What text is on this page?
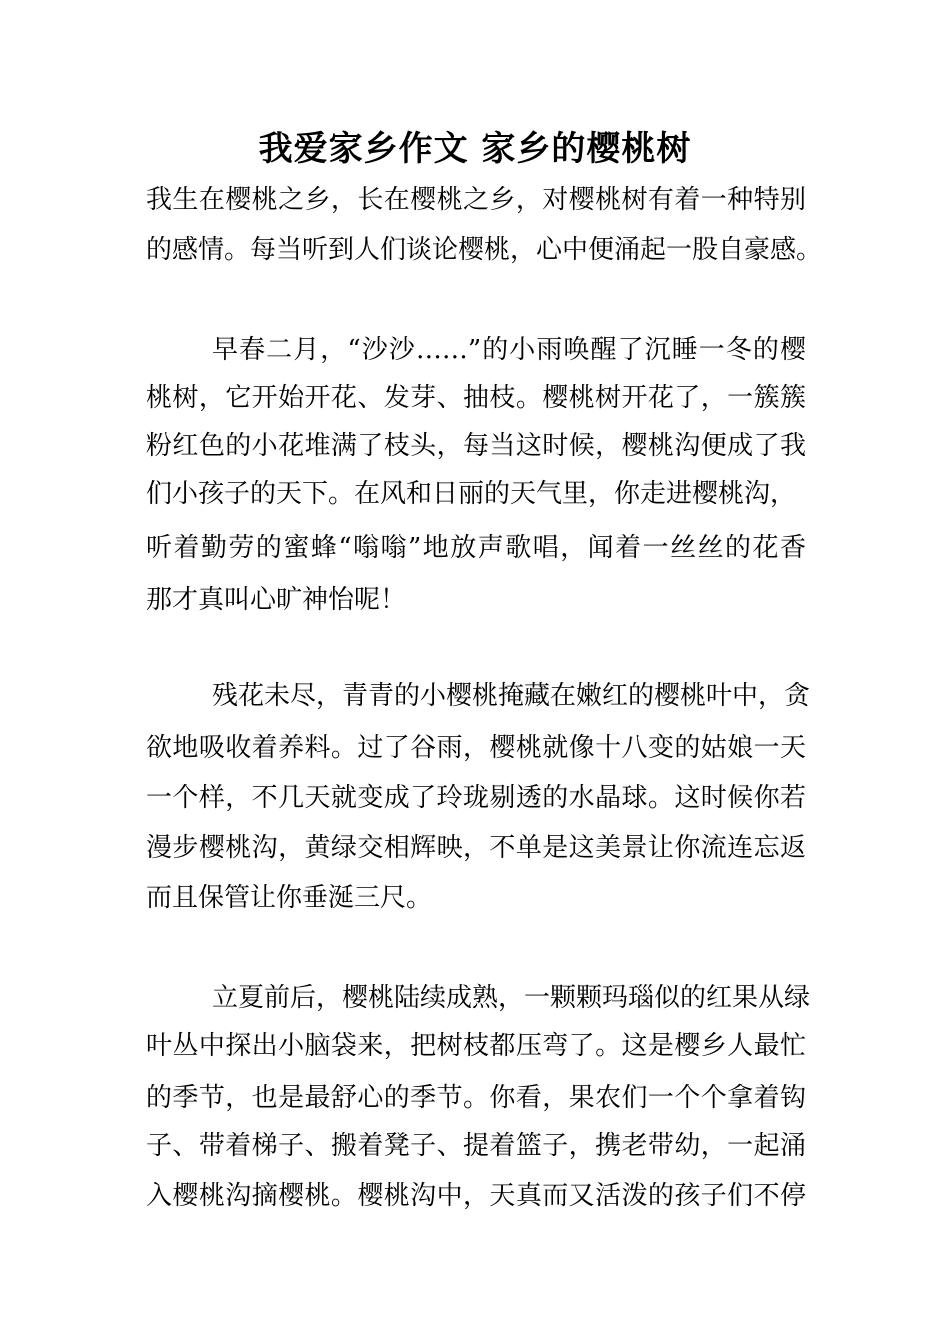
我爱家乡作文 家乡的樱桃树

我生在樱桃之乡，长在樱桃之乡，对樱桃树有着一种特别

的感情。每当听到人们谈论樱桃，心中便涌起一股自豪感。

早春二月，“沙沙……”的小雨唤醒了沉睡一冬的樱

桃树，它开始开花、发芽、抽枝。樱桃树开花了，一簇簇

粉红色的小花堆满了枝头，每当这时候，樱桃沟便成了我

们小孩子的天下。在风和日丽的天气里，你走进樱桃沟，

听着勤劳的蜜蜂“嗡嗡”地放声歌唱，闻着一丝丝的花香

那才真叫心旷神怡呢！

残花未尽，青青的小樱桃掩藏在嫩红的樱桃叶中，贪

欲地吸收着养料。过了谷雨，樱桃就像十八变的姑娘一天

一个样，不几天就变成了玲珑剔透的水晶球。这时候你若

漫步樱桃沟，黄绿交相辉映，不单是这美景让你流连忘返

而且保管让你垂涎三尺。

立夏前后，樱桃陆续成熟，一颗颗玛瑙似的红果从绿

叶丛中探出小脑袋来，把树枝都压弯了。这是樱乡人最忙

的季节，也是最舒心的季节。你看，果农们一个个拿着钩

子、带着梯子、搬着凳子、提着篮子，携老带幼，一起涌

入樱桃沟摘樱桃。樱桃沟中，天真而又活泼的孩子们不停
